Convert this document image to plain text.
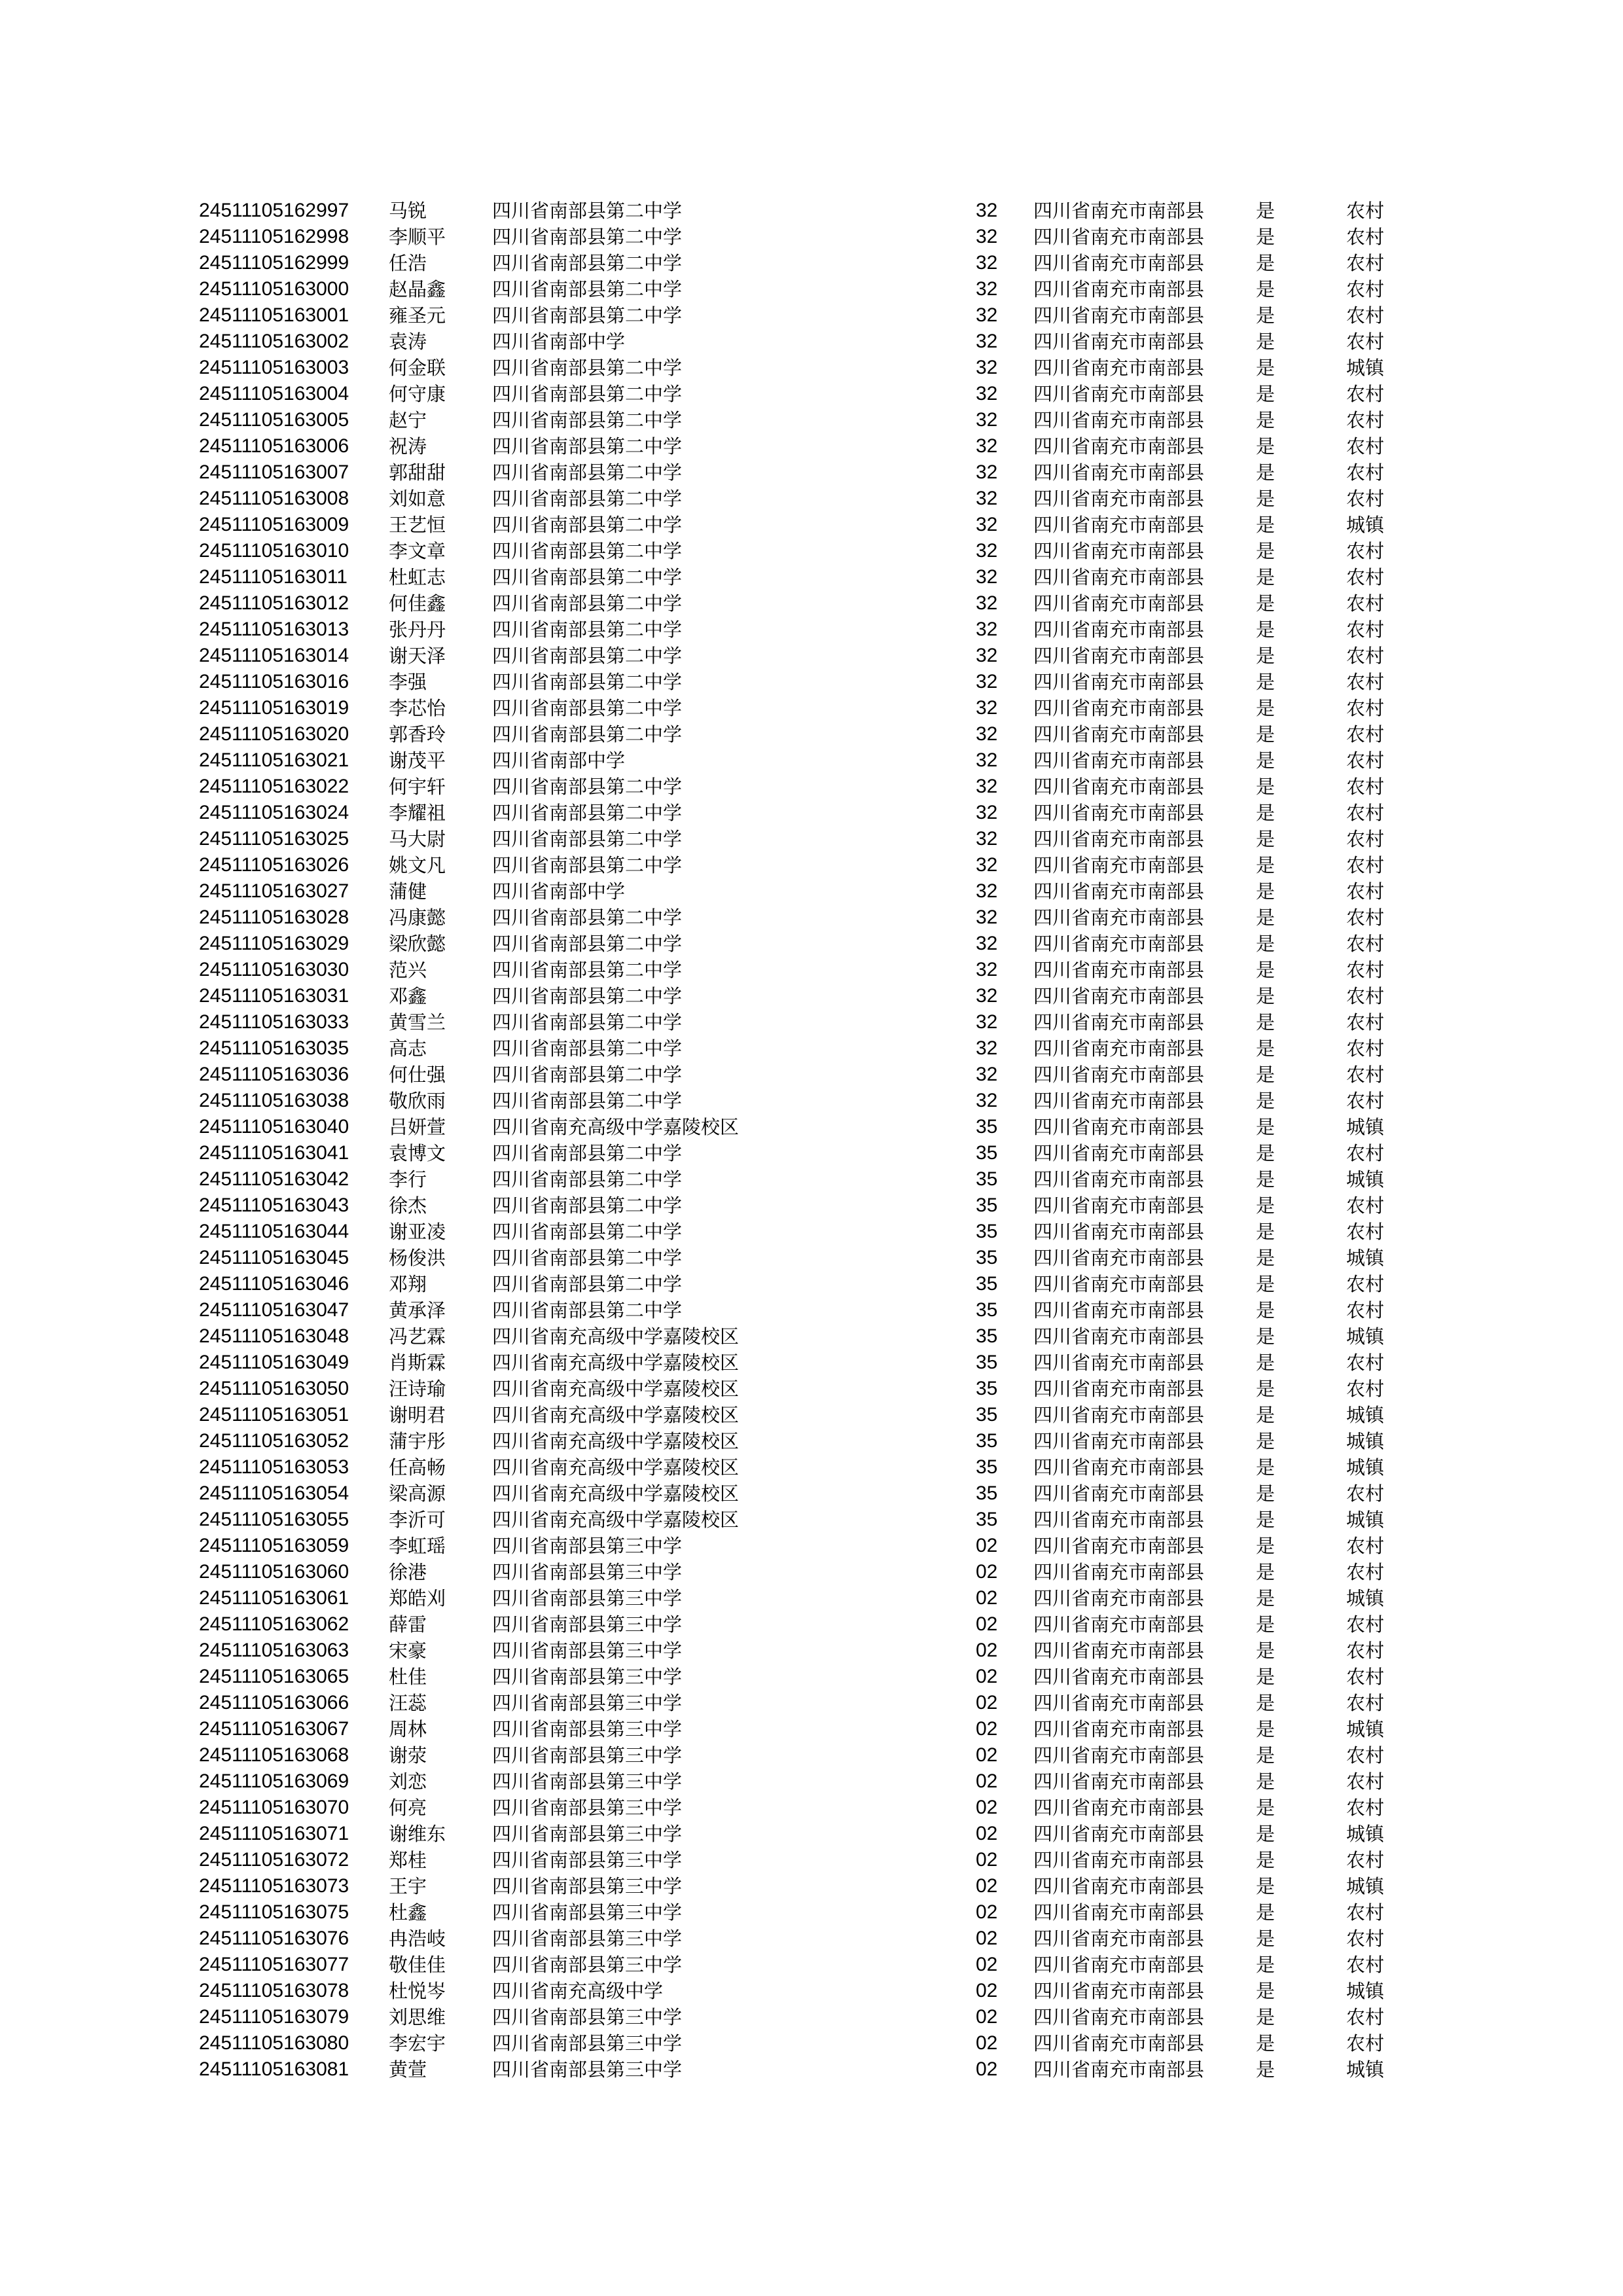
24511105162997	马锐	四川省南部县第二中学	32	四川省南充市南部县	是	农村
24511105162998	李顺平	四川省南部县第二中学	32	四川省南充市南部县	是	农村
24511105162999	任浩	四川省南部县第二中学	32	四川省南充市南部县	是	农村
24511105163000	赵晶鑫	四川省南部县第二中学	32	四川省南充市南部县	是	农村
24511105163001	雍圣元	四川省南部县第二中学	32	四川省南充市南部县	是	农村
24511105163002	袁涛	四川省南部中学	32	四川省南充市南部县	是	农村
24511105163003	何金联	四川省南部县第二中学	32	四川省南充市南部县	是	城镇
24511105163004	何守康	四川省南部县第二中学	32	四川省南充市南部县	是	农村
24511105163005	赵宁	四川省南部县第二中学	32	四川省南充市南部县	是	农村
24511105163006	祝涛	四川省南部县第二中学	32	四川省南充市南部县	是	农村
24511105163007	郭甜甜	四川省南部县第二中学	32	四川省南充市南部县	是	农村
24511105163008	刘如意	四川省南部县第二中学	32	四川省南充市南部县	是	农村
24511105163009	王艺恒	四川省南部县第二中学	32	四川省南充市南部县	是	城镇
24511105163010	李文章	四川省南部县第二中学	32	四川省南充市南部县	是	农村
24511105163011	杜虹志	四川省南部县第二中学	32	四川省南充市南部县	是	农村
24511105163012	何佳鑫	四川省南部县第二中学	32	四川省南充市南部县	是	农村
24511105163013	张丹丹	四川省南部县第二中学	32	四川省南充市南部县	是	农村
24511105163014	谢天泽	四川省南部县第二中学	32	四川省南充市南部县	是	农村
24511105163016	李强	四川省南部县第二中学	32	四川省南充市南部县	是	农村
24511105163019	李芯怡	四川省南部县第二中学	32	四川省南充市南部县	是	农村
24511105163020	郭香玲	四川省南部县第二中学	32	四川省南充市南部县	是	农村
24511105163021	谢茂平	四川省南部中学	32	四川省南充市南部县	是	农村
24511105163022	何宇轩	四川省南部县第二中学	32	四川省南充市南部县	是	农村
24511105163024	李耀祖	四川省南部县第二中学	32	四川省南充市南部县	是	农村
24511105163025	马大尉	四川省南部县第二中学	32	四川省南充市南部县	是	农村
24511105163026	姚文凡	四川省南部县第二中学	32	四川省南充市南部县	是	农村
24511105163027	蒲健	四川省南部中学	32	四川省南充市南部县	是	农村
24511105163028	冯康懿	四川省南部县第二中学	32	四川省南充市南部县	是	农村
24511105163029	梁欣懿	四川省南部县第二中学	32	四川省南充市南部县	是	农村
24511105163030	范兴	四川省南部县第二中学	32	四川省南充市南部县	是	农村
24511105163031	邓鑫	四川省南部县第二中学	32	四川省南充市南部县	是	农村
24511105163033	黄雪兰	四川省南部县第二中学	32	四川省南充市南部县	是	农村
24511105163035	高志	四川省南部县第二中学	32	四川省南充市南部县	是	农村
24511105163036	何仕强	四川省南部县第二中学	32	四川省南充市南部县	是	农村
24511105163038	敬欣雨	四川省南部县第二中学	32	四川省南充市南部县	是	农村
24511105163040	吕妍萱	四川省南充高级中学嘉陵校区	35	四川省南充市南部县	是	城镇
24511105163041	袁博文	四川省南部县第二中学	35	四川省南充市南部县	是	农村
24511105163042	李行	四川省南部县第二中学	35	四川省南充市南部县	是	城镇
24511105163043	徐杰	四川省南部县第二中学	35	四川省南充市南部县	是	农村
24511105163044	谢亚凌	四川省南部县第二中学	35	四川省南充市南部县	是	农村
24511105163045	杨俊洪	四川省南部县第二中学	35	四川省南充市南部县	是	城镇
24511105163046	邓翔	四川省南部县第二中学	35	四川省南充市南部县	是	农村
24511105163047	黄承泽	四川省南部县第二中学	35	四川省南充市南部县	是	农村
24511105163048	冯艺霖	四川省南充高级中学嘉陵校区	35	四川省南充市南部县	是	城镇
24511105163049	肖斯霖	四川省南充高级中学嘉陵校区	35	四川省南充市南部县	是	农村
24511105163050	汪诗瑜	四川省南充高级中学嘉陵校区	35	四川省南充市南部县	是	农村
24511105163051	谢明君	四川省南充高级中学嘉陵校区	35	四川省南充市南部县	是	城镇
24511105163052	蒲宇彤	四川省南充高级中学嘉陵校区	35	四川省南充市南部县	是	城镇
24511105163053	任高畅	四川省南充高级中学嘉陵校区	35	四川省南充市南部县	是	城镇
24511105163054	梁高源	四川省南充高级中学嘉陵校区	35	四川省南充市南部县	是	农村
24511105163055	李沂可	四川省南充高级中学嘉陵校区	35	四川省南充市南部县	是	城镇
24511105163059	李虹瑶	四川省南部县第三中学	02	四川省南充市南部县	是	农村
24511105163060	徐港	四川省南部县第三中学	02	四川省南充市南部县	是	农村
24511105163061	郑皓刈	四川省南部县第三中学	02	四川省南充市南部县	是	城镇
24511105163062	薛雷	四川省南部县第三中学	02	四川省南充市南部县	是	农村
24511105163063	宋豪	四川省南部县第三中学	02	四川省南充市南部县	是	农村
24511105163065	杜佳	四川省南部县第三中学	02	四川省南充市南部县	是	农村
24511105163066	汪蕊	四川省南部县第三中学	02	四川省南充市南部县	是	农村
24511105163067	周林	四川省南部县第三中学	02	四川省南充市南部县	是	城镇
24511105163068	谢荥	四川省南部县第三中学	02	四川省南充市南部县	是	农村
24511105163069	刘恋	四川省南部县第三中学	02	四川省南充市南部县	是	农村
24511105163070	何亮	四川省南部县第三中学	02	四川省南充市南部县	是	农村
24511105163071	谢维东	四川省南部县第三中学	02	四川省南充市南部县	是	城镇
24511105163072	郑桂	四川省南部县第三中学	02	四川省南充市南部县	是	农村
24511105163073	王宇	四川省南部县第三中学	02	四川省南充市南部县	是	城镇
24511105163075	杜鑫	四川省南部县第三中学	02	四川省南充市南部县	是	农村
24511105163076	冉浩岐	四川省南部县第三中学	02	四川省南充市南部县	是	农村
24511105163077	敬佳佳	四川省南部县第三中学	02	四川省南充市南部县	是	农村
24511105163078	杜悦岑	四川省南充高级中学	02	四川省南充市南部县	是	城镇
24511105163079	刘思维	四川省南部县第三中学	02	四川省南充市南部县	是	农村
24511105163080	李宏宇	四川省南部县第三中学	02	四川省南充市南部县	是	农村
24511105163081	黄萱	四川省南部县第三中学	02	四川省南充市南部县	是	城镇
